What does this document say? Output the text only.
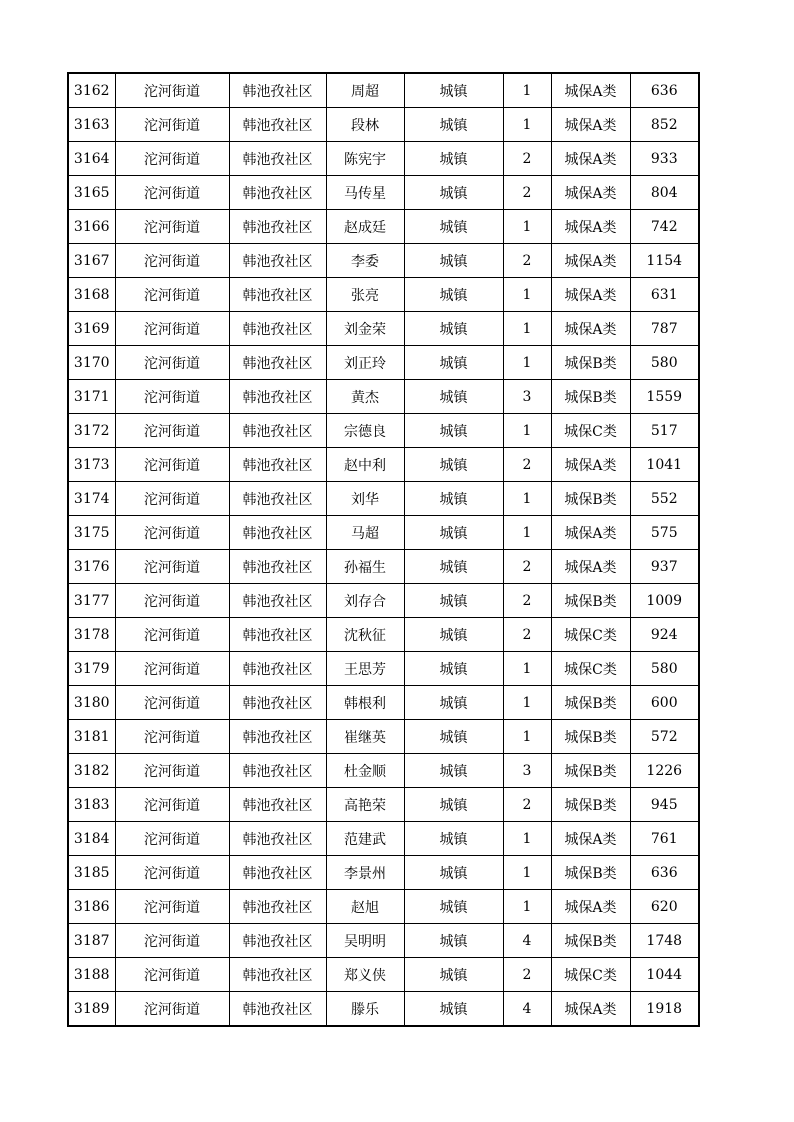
3162	沱河街道	韩池孜社区	周超	城镇	1	城保A类	636
3163	沱河街道	韩池孜社区	段林	城镇	1	城保A类	852
3164	沱河街道	韩池孜社区	陈宪宇	城镇	2	城保A类	933
3165	沱河街道	韩池孜社区	马传星	城镇	2	城保A类	804
3166	沱河街道	韩池孜社区	赵成廷	城镇	1	城保A类	742
3167	沱河街道	韩池孜社区	李委	城镇	2	城保A类	1154
3168	沱河街道	韩池孜社区	张亮	城镇	1	城保A类	631
3169	沱河街道	韩池孜社区	刘金荣	城镇	1	城保A类	787
3170	沱河街道	韩池孜社区	刘正玲	城镇	1	城保B类	580
3171	沱河街道	韩池孜社区	黄杰	城镇	3	城保B类	1559
3172	沱河街道	韩池孜社区	宗德良	城镇	1	城保C类	517
3173	沱河街道	韩池孜社区	赵中利	城镇	2	城保A类	1041
3174	沱河街道	韩池孜社区	刘华	城镇	1	城保B类	552
3175	沱河街道	韩池孜社区	马超	城镇	1	城保A类	575
3176	沱河街道	韩池孜社区	孙福生	城镇	2	城保A类	937
3177	沱河街道	韩池孜社区	刘存合	城镇	2	城保B类	1009
3178	沱河街道	韩池孜社区	沈秋征	城镇	2	城保C类	924
3179	沱河街道	韩池孜社区	王思芳	城镇	1	城保C类	580
3180	沱河街道	韩池孜社区	韩根利	城镇	1	城保B类	600
3181	沱河街道	韩池孜社区	崔继英	城镇	1	城保B类	572
3182	沱河街道	韩池孜社区	杜金顺	城镇	3	城保B类	1226
3183	沱河街道	韩池孜社区	高艳荣	城镇	2	城保B类	945
3184	沱河街道	韩池孜社区	范建武	城镇	1	城保A类	761
3185	沱河街道	韩池孜社区	李景州	城镇	1	城保B类	636
3186	沱河街道	韩池孜社区	赵旭	城镇	1	城保A类	620
3187	沱河街道	韩池孜社区	吴明明	城镇	4	城保B类	1748
3188	沱河街道	韩池孜社区	郑义侠	城镇	2	城保C类	1044
3189	沱河街道	韩池孜社区	滕乐	城镇	4	城保A类	1918
